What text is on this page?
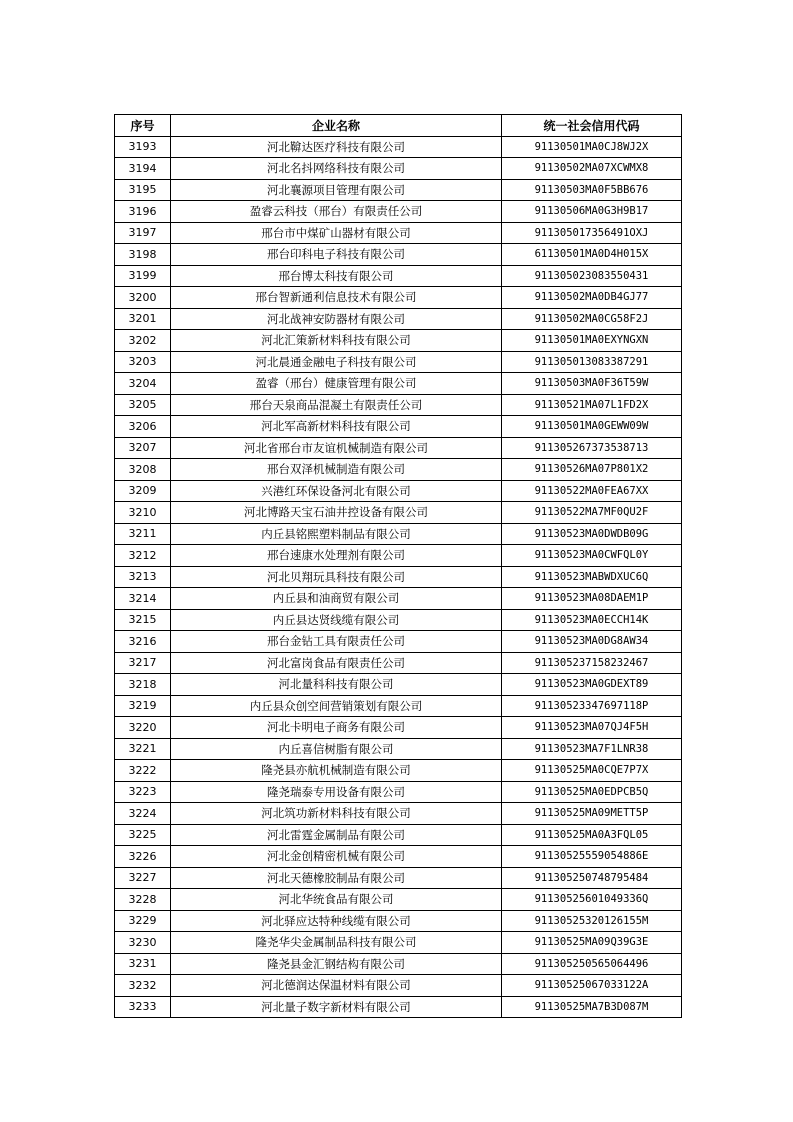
序号	企业名称	统一社会信用代码
3193	河北鞥达医疗科技有限公司	91130501MA0CJ8WJ2X
3194	河北名抖网络科技有限公司	91130502MA07XCWMX8
3195	河北襄源项目管理有限公司	91130503MA0F5BB676
3196	盈睿云科技（邢台）有限责任公司	91130506MA0G3H9B17
3197	邢台市中煤矿山器材有限公司	911305017356491OXJ
3198	邢台印科电子科技有限公司	61130501MA0D4H015X
3199	邢台博太科技有限公司	911305023083550431
3200	邢台智新通利信息技术有限公司	91130502MA0DB4GJ77
3201	河北战神安防器材有限公司	91130502MA0CG58F2J
3202	河北汇策新材料科技有限公司	91130501MA0EXYNGXN
3203	河北晨通金融电子科技有限公司	911305013083387291
3204	盈睿（邢台）健康管理有限公司	91130503MA0F36T59W
3205	邢台天泉商品混凝土有限责任公司	91130521MA07L1FD2X
3206	河北军高新材料科技有限公司	91130501MA0GEWW09W
3207	河北省邢台市友谊机械制造有限公司	911305267373538713
3208	邢台双泽机械制造有限公司	91130526MA07P801X2
3209	兴港红环保设备河北有限公司	91130522MA0FEA67XX
3210	河北博路天宝石油井控设备有限公司	91130522MA7MF0QU2F
3211	内丘县铭熙塑料制品有限公司	91130523MA0DWDB09G
3212	邢台速康水处理剂有限公司	91130523MA0CWFQL0Y
3213	河北贝翔玩具科技有限公司	91130523MABWDXUC6Q
3214	内丘县和油商贸有限公司	91130523MA08DAEM1P
3215	内丘县达贤线缆有限公司	91130523MA0ECCH14K
3216	邢台金钻工具有限责任公司	91130523MA0DG8AW34
3217	河北富岗食品有限责任公司	911305237158232467
3218	河北量科科技有限公司	91130523MA0GDEXT89
3219	内丘县众创空间营销策划有限公司	91130523347697118P
3220	河北卡明电子商务有限公司	91130523MA07QJ4F5H
3221	内丘喜信树脂有限公司	91130523MA7F1LNR38
3222	隆尧县亦航机械制造有限公司	91130525MA0CQE7P7X
3223	隆尧瑞泰专用设备有限公司	91130525MA0EDPCB5Q
3224	河北筑功新材料科技有限公司	91130525MA09METT5P
3225	河北雷霆金属制品有限公司	91130525MA0A3FQL05
3226	河北金创精密机械有限公司	91130525559054886E
3227	河北天德橡胶制品有限公司	911305250748795484
3228	河北华统食品有限公司	91130525601049336Q
3229	河北驿应达特种线缆有限公司	91130525320126155M
3230	隆尧华尖金属制品科技有限公司	91130525MA09Q39G3E
3231	隆尧县金汇钢结构有限公司	911305250565064496
3232	河北德润达保温材料有限公司	91130525067033122A
3233	河北量子数字新材料有限公司	91130525MA7B3D087M
